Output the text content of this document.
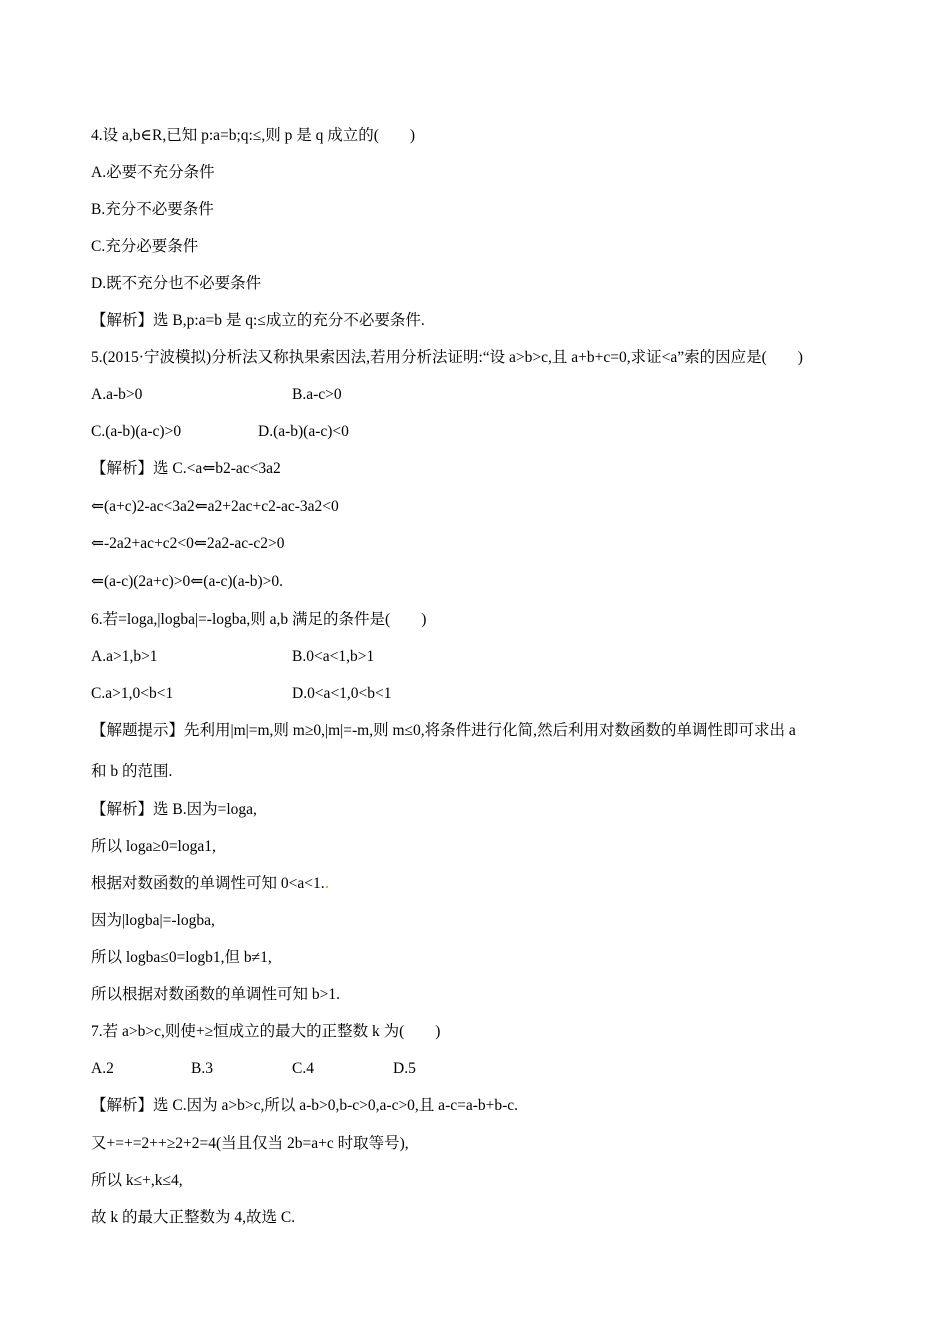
4.设 a,b∈R,已知 p:a=b;q:≤,则 p 是 q 成立的(　　)
A.必要不充分条件
B.充分不必要条件
C.充分必要条件
D.既不充分也不必要条件
【解析】选 B,p:a=b 是 q:≤成立的充分不必要条件.
5.(2015·宁波模拟)分析法又称执果索因法,若用分析法证明:“设 a>b>c,且 a+b+c=0,求证<a”索的因应是(　　)
A.a-b>0	B.a-c>0
C.(a-b)(a-c)>0	D.(a-b)(a-c)<0
【解析】选 C.<a⇐b2-ac<3a2
⇐(a+c)2-ac<3a2⇐a2+2ac+c2-ac-3a2<0
⇐-2a2+ac+c2<0⇐2a2-ac-c2>0
⇐(a-c)(2a+c)>0⇐(a-c)(a-b)>0.
6.若=loga,|logba|=-logba,则 a,b 满足的条件是(　　)
A.a>1,b>1	B.0<a<1,b>1
C.a>1,0<b<1	D.0<a<1,0<b<1
【解题提示】先利用|m|=m,则 m≥0,|m|=-m,则 m≤0,将条件进行化简,然后利用对数函数的单调性即可求出 a
和 b 的范围.
【解析】选 B.因为=loga,
所以 loga≥0=loga1,
根据对数函数的单调性可知 0<a<1.
因为|logba|=-logba,
所以 logba≤0=logb1,但 b≠1,
所以根据对数函数的单调性可知 b>1.
7.若 a>b>c,则使+≥恒成立的最大的正整数 k 为(　　)
A.2	B.3	C.4	D.5
【解析】选 C.因为 a>b>c,所以 a-b>0,b-c>0,a-c>0,且 a-c=a-b+b-c.
又+=+=2++≥2+2=4(当且仅当 2b=a+c 时取等号),
所以 k≤+,k≤4,
故 k 的最大正整数为 4,故选 C.
